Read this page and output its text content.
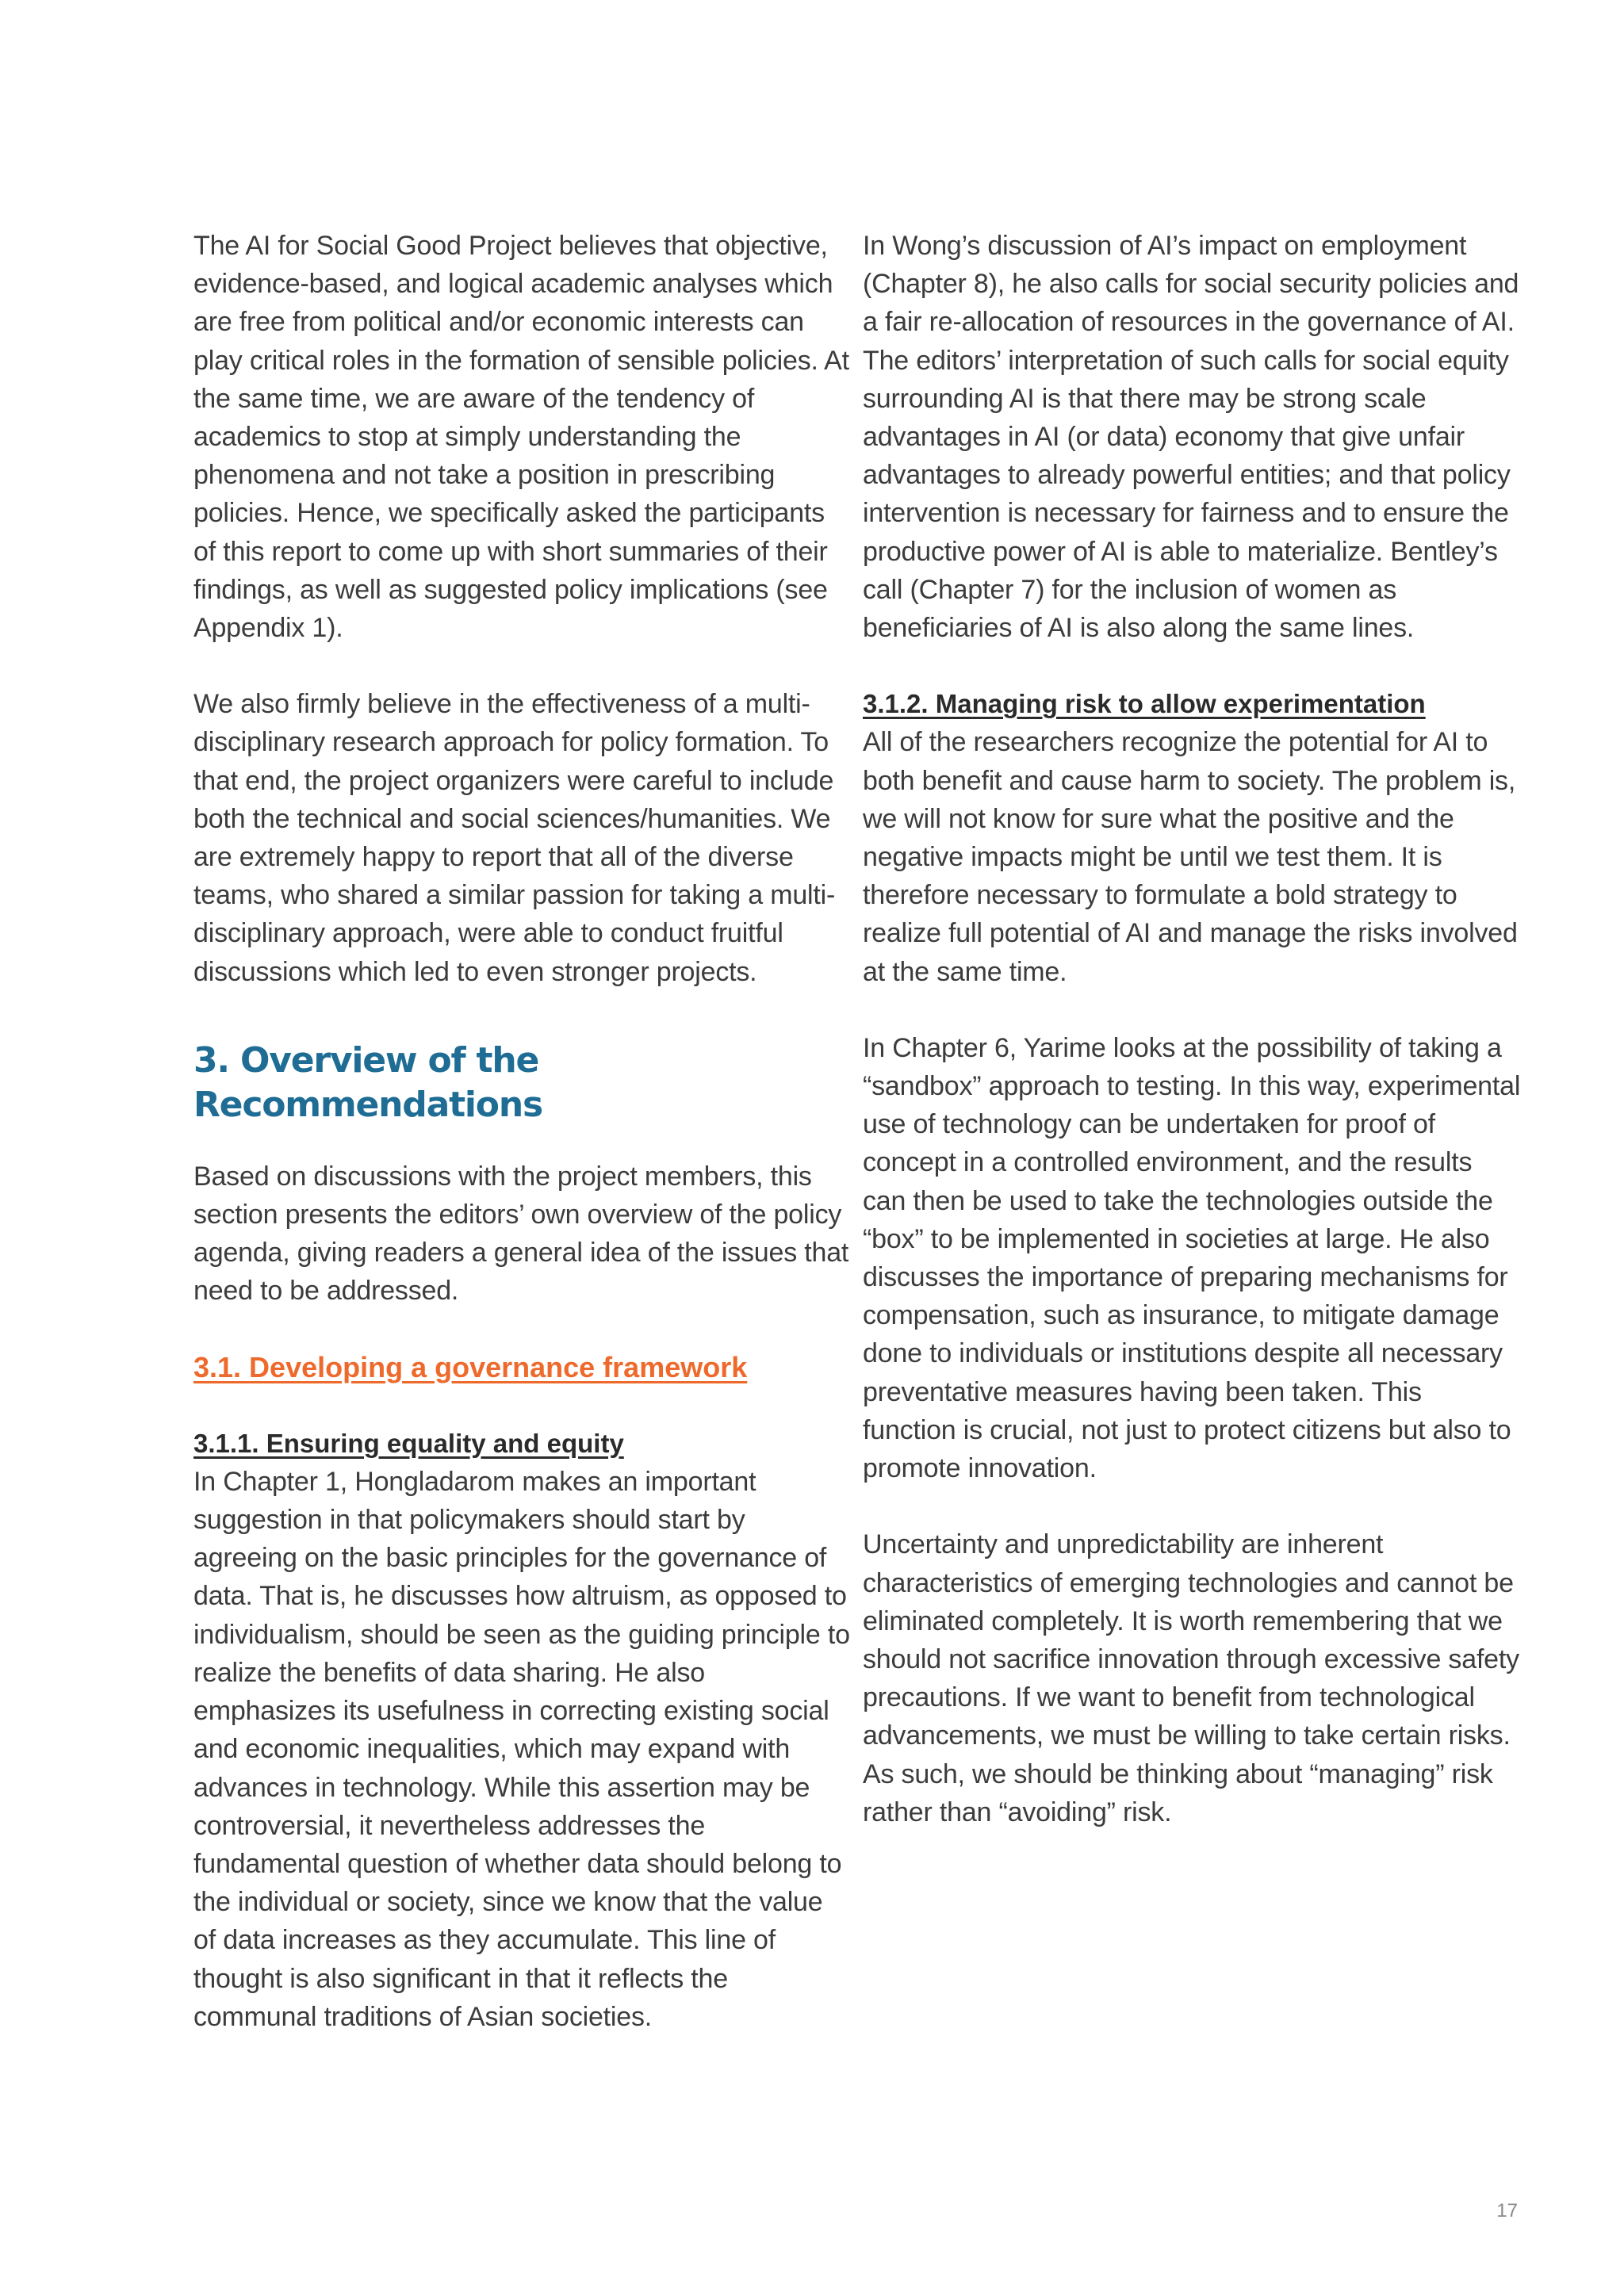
The AI for Social Good Project believes that objective, evidence-based, and logical academic analyses which are free from political and/or economic interests can play critical roles in the formation of sensible policies. At the same time, we are aware of the tendency of academics to stop at simply understanding the phenomena and not take a position in prescribing policies. Hence, we specifically asked the participants of this report to come up with short summaries of their findings, as well as suggested policy implications (see Appendix 1).

We also firmly believe in the effectiveness of a multi-disciplinary research approach for policy formation. To that end, the project organizers were careful to include both the technical and social sciences/humanities. We are extremely happy to report that all of the diverse teams, who shared a similar passion for taking a multi-disciplinary approach, were able to conduct fruitful discussions which led to even stronger projects.

3. Overview of the Recommendations

Based on discussions with the project members, this section presents the editors’ own overview of the policy agenda, giving readers a general idea of the issues that need to be addressed.

3.1. Developing a governance framework
3.1.1. Ensuring equality and equity

In Chapter 1, Hongladarom makes an important suggestion in that policymakers should start by agreeing on the basic principles for the governance of data. That is, he discusses how altruism, as opposed to individualism, should be seen as the guiding principle to realize the benefits of data sharing. He also emphasizes its usefulness in correcting existing social and economic inequalities, which may expand with advances in technology. While this assertion may be controversial, it nevertheless addresses the fundamental question of whether data should belong to the individual or society, since we know that the value of data increases as they accumulate. This line of thought is also significant in that it reflects the communal traditions of Asian societies.

In Wong’s discussion of AI’s impact on employment (Chapter 8), he also calls for social security policies and a fair re-allocation of resources in the governance of AI. The editors’ interpretation of such calls for social equity surrounding AI is that there may be strong scale advantages in AI (or data) economy that give unfair advantages to already powerful entities; and that policy intervention is necessary for fairness and to ensure the productive power of AI is able to materialize. Bentley’s call (Chapter 7) for the inclusion of women as beneficiaries of AI is also along the same lines.

3.1.2. Managing risk to allow experimentation

All of the researchers recognize the potential for AI to both benefit and cause harm to society. The problem is, we will not know for sure what the positive and the negative impacts might be until we test them. It is therefore necessary to formulate a bold strategy to realize full potential of AI and manage the risks involved at the same time.

In Chapter 6, Yarime looks at the possibility of taking a “sandbox” approach to testing. In this way, experimental use of technology can be undertaken for proof of concept in a controlled environment, and the results can then be used to take the technologies outside the “box” to be implemented in societies at large. He also discusses the importance of preparing mechanisms for compensation, such as insurance, to mitigate damage done to individuals or institutions despite all necessary preventative measures having been taken. This function is crucial, not just to protect citizens but also to promote innovation.

Uncertainty and unpredictability are inherent characteristics of emerging technologies and cannot be eliminated completely. It is worth remembering that we should not sacrifice innovation through excessive safety precautions. If we want to benefit from technological advancements, we must be willing to take certain risks. As such, we should be thinking about “managing” risk rather than “avoiding” risk.

17
